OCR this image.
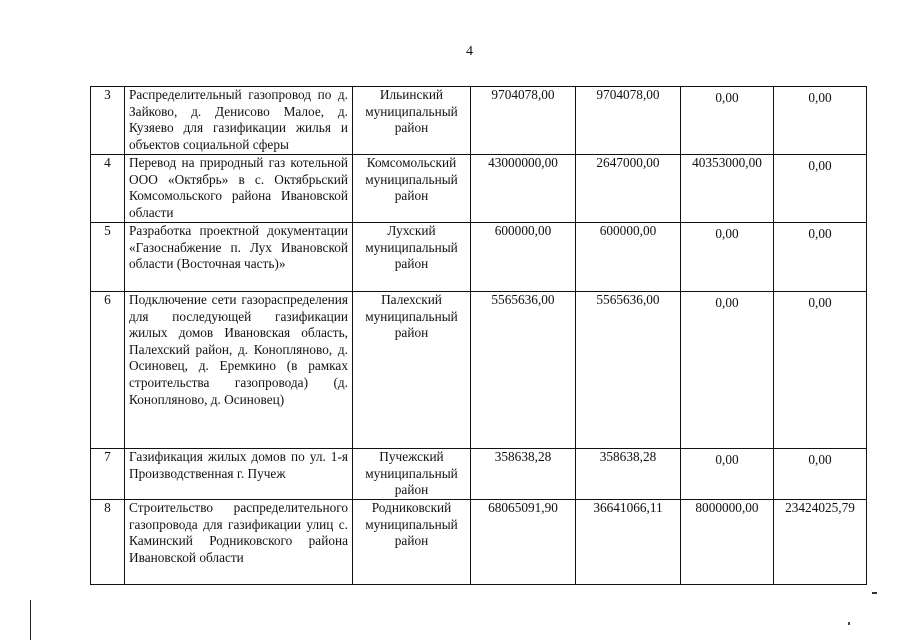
4
3	Распределительный газопровод по д. Зайково, д. Денисово Малое, д. Кузяево для газификации жилья и объектов социальной сферы	Ильинский муниципальный район	9704078,00	9704078,00	0,00	0,00
4	Перевод на природный газ котельной ООО «Октябрь» в с. Октябрьский Комсомольского района Ивановской области	Комсомольский муниципальный район	43000000,00	2647000,00	40353000,00	0,00
5	Разработка проектной документации «Газоснабжение п. Лух Ивановской области (Восточная часть)»	Лухский муниципальный район	600000,00	600000,00	0,00	0,00
6	Подключение сети газораспределения для последующей газификации жилых домов Ивановская область, Палехский район, д. Конопляново, д. Осиновец, д. Еремкино (в рамках строительства газопровода) (д. Конопляново, д. Осиновец)	Палехский муниципальный район	5565636,00	5565636,00	0,00	0,00
7	Газификация жилых домов по ул. 1-я Производственная г. Пучеж	Пучежский муниципальный район	358638,28	358638,28	0,00	0,00
8	Строительство распределительного газопровода для газификации улиц с. Каминский Родниковского района Ивановской области	Родниковский муниципальный район	68065091,90	36641066,11	8000000,00	23424025,79
